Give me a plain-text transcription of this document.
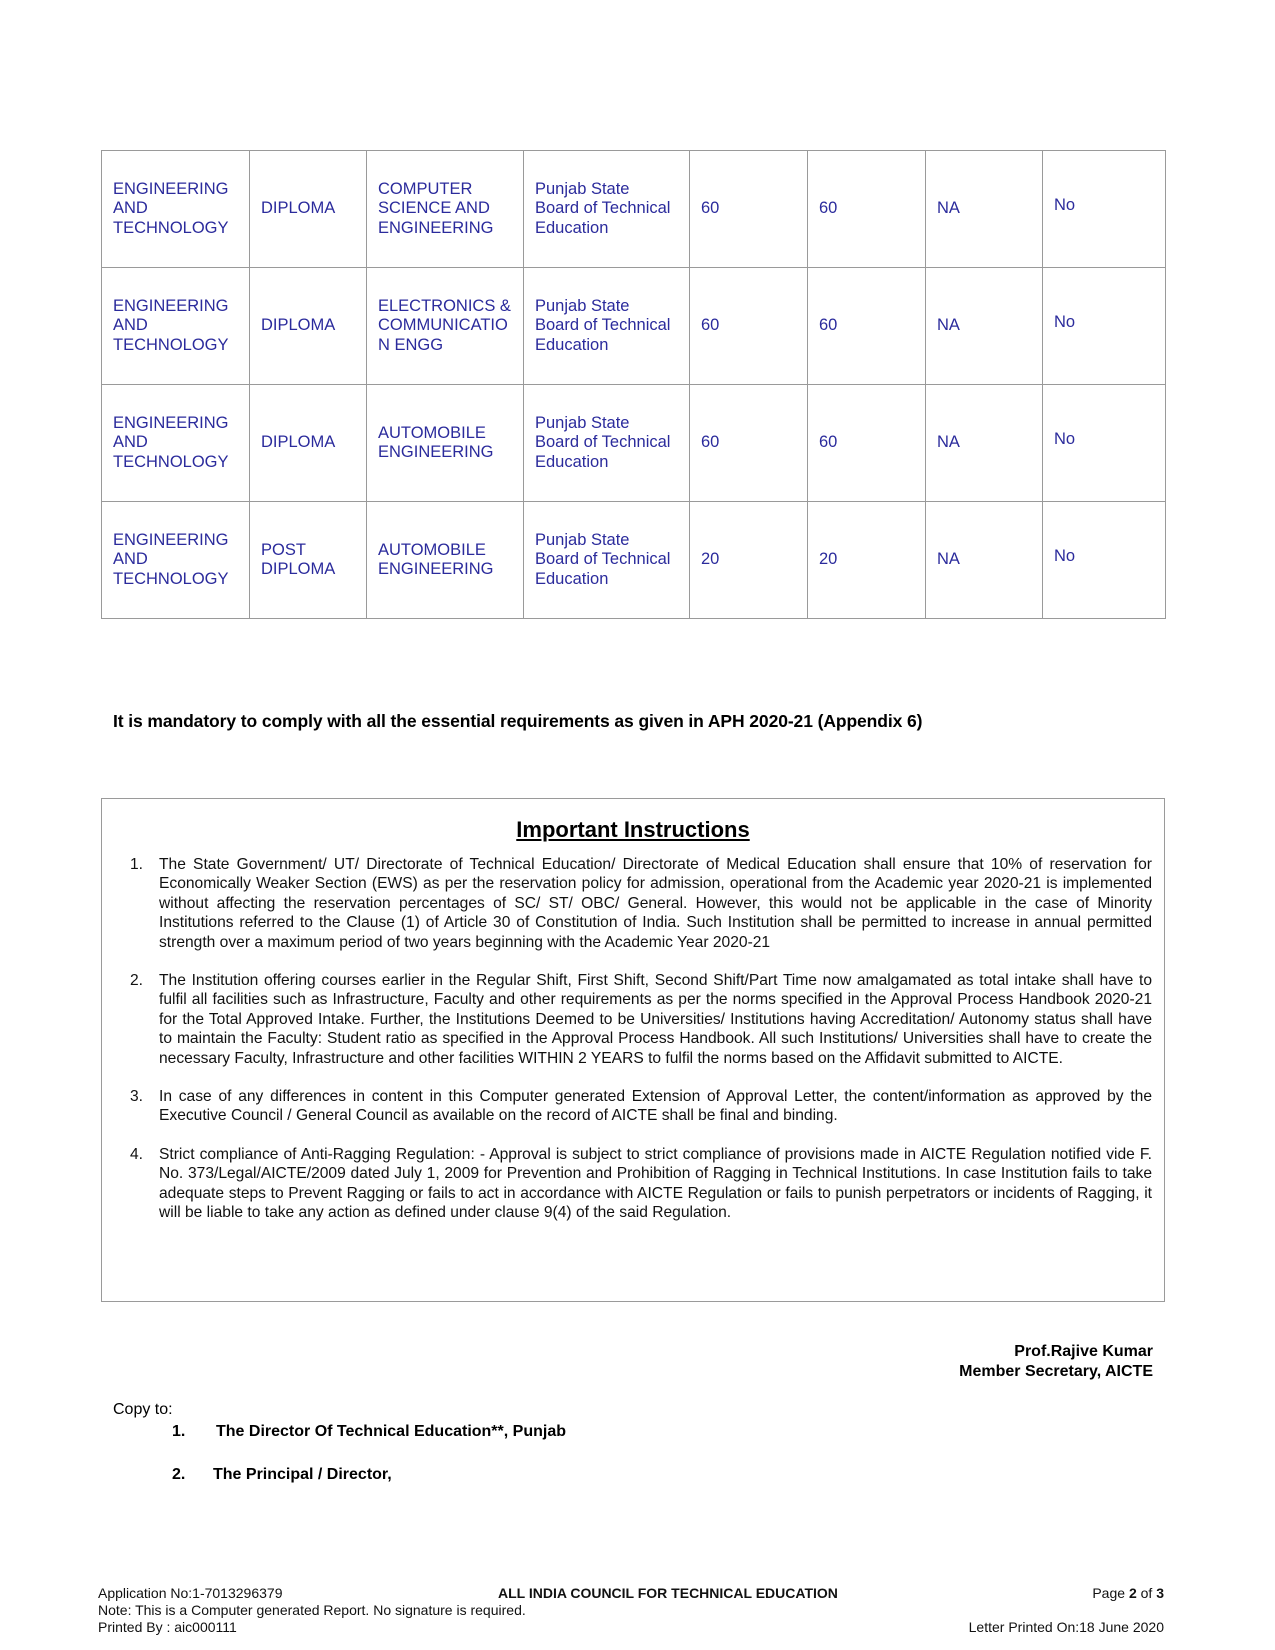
ENGINEERING AND TECHNOLOGY	DIPLOMA	COMPUTER SCIENCE AND ENGINEERING	Punjab State Board of Technical Education	60	60	NA	No
ENGINEERING AND TECHNOLOGY	DIPLOMA	ELECTRONICS & COMMUNICATIO N ENGG	Punjab State Board of Technical Education	60	60	NA	No
ENGINEERING AND TECHNOLOGY	DIPLOMA	AUTOMOBILE ENGINEERING	Punjab State Board of Technical Education	60	60	NA	No
ENGINEERING AND TECHNOLOGY	POST DIPLOMA	AUTOMOBILE ENGINEERING	Punjab State Board of Technical Education	20	20	NA	No
It is mandatory to comply with all the essential requirements as given in APH 2020-21 (Appendix 6)
Important Instructions
1. The State Government/ UT/ Directorate of Technical Education/ Directorate of Medical Education shall ensure that 10% of reservation for Economically Weaker Section (EWS) as per the reservation policy for admission, operational from the Academic year 2020-21 is implemented without affecting the reservation percentages of SC/ ST/ OBC/ General. However, this would not be applicable in the case of Minority Institutions referred to the Clause (1) of Article 30 of Constitution of India. Such Institution shall be permitted to increase in annual permitted strength over a maximum period of two years beginning with the Academic Year 2020-21
2. The Institution offering courses earlier in the Regular Shift, First Shift, Second Shift/Part Time now amalgamated as total intake shall have to fulfil all facilities such as Infrastructure, Faculty and other requirements as per the norms specified in the Approval Process Handbook 2020-21 for the Total Approved Intake. Further, the Institutions Deemed to be Universities/ Institutions having Accreditation/ Autonomy status shall have to maintain the Faculty: Student ratio as specified in the Approval Process Handbook. All such Institutions/ Universities shall have to create the necessary Faculty, Infrastructure and other facilities WITHIN 2 YEARS to fulfil the norms based on the Affidavit submitted to AICTE.
3. In case of any differences in content in this Computer generated Extension of Approval Letter, the content/information as approved by the Executive Council / General Council as available on the record of AICTE shall be final and binding.
4. Strict compliance of Anti-Ragging Regulation: - Approval is subject to strict compliance of provisions made in AICTE Regulation notified vide F. No. 373/Legal/AICTE/2009 dated July 1, 2009 for Prevention and Prohibition of Ragging in Technical Institutions. In case Institution fails to take adequate steps to Prevent Ragging or fails to act in accordance with AICTE Regulation or fails to punish perpetrators or incidents of Ragging, it will be liable to take any action as defined under clause 9(4) of the said Regulation.
Prof.Rajive Kumar
Member Secretary, AICTE
Copy to:
1. The Director Of Technical Education**, Punjab
2. The Principal / Director,
Application No:1-7013296379	ALL INDIA COUNCIL FOR TECHNICAL EDUCATION	Page 2 of 3
Note: This is a Computer generated Report. No signature is required.
Printed By : aic000111	Letter Printed On:18 June 2020
